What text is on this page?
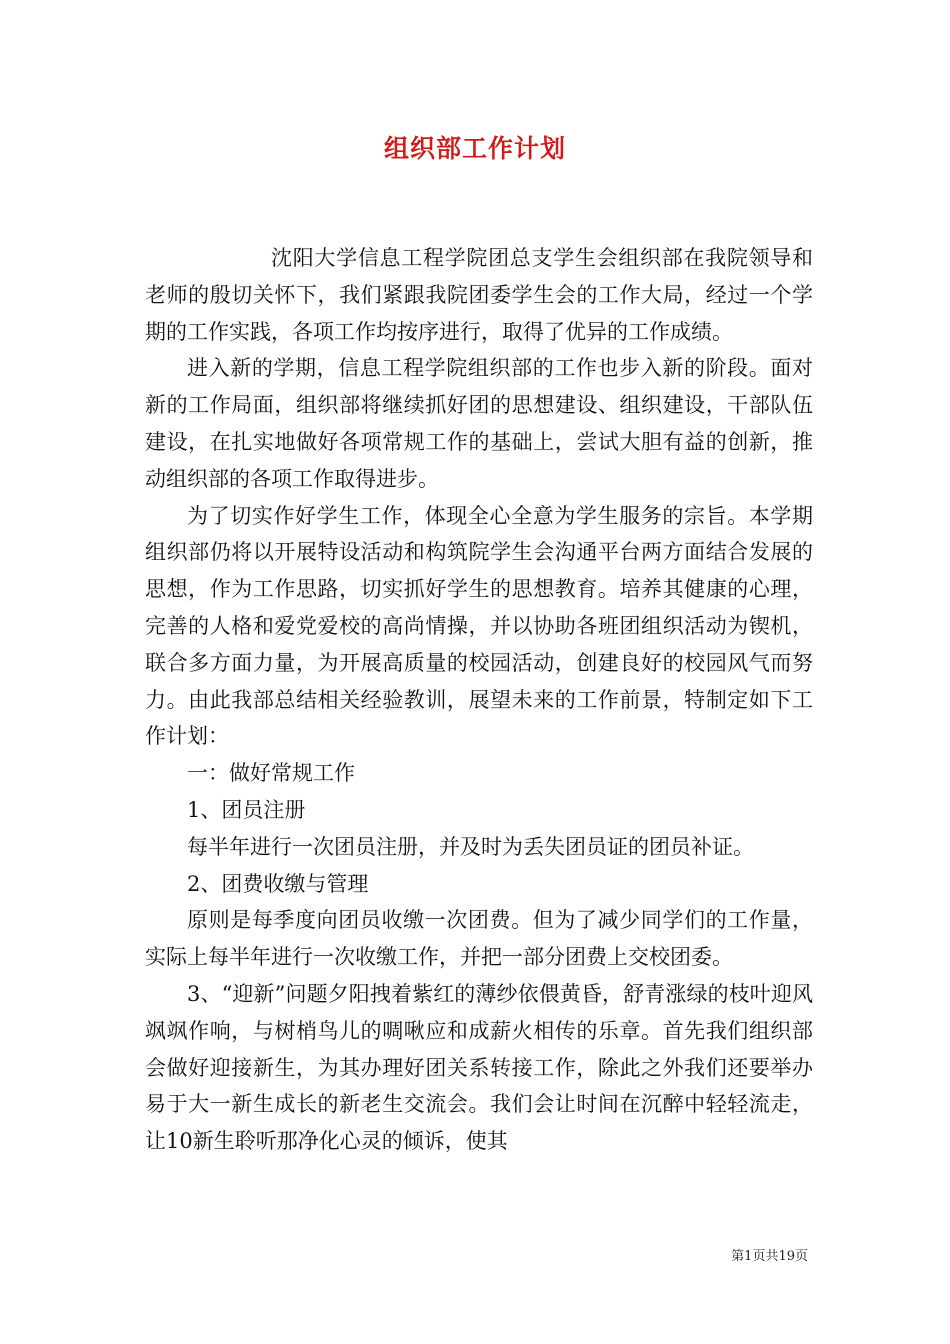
组织部工作计划

沈阳大学信息工程学院团总支学生会组织部在我院领导和老师的殷切关怀下，我们紧跟我院团委学生会的工作大局，经过一个学期的工作实践，各项工作均按序进行，取得了优异的工作成绩。

进入新的学期，信息工程学院组织部的工作也步入新的阶段。面对新的工作局面，组织部将继续抓好团的思想建设、组织建设，干部队伍建设，在扎实地做好各项常规工作的基础上，尝试大胆有益的创新，推动组织部的各项工作取得进步。

为了切实作好学生工作，体现全心全意为学生服务的宗旨。本学期组织部仍将以开展特设活动和构筑院学生会沟通平台两方面结合发展的思想，作为工作思路，切实抓好学生的思想教育。培养其健康的心理，完善的人格和爱党爱校的高尚情操，并以协助各班团组织活动为锲机，联合多方面力量，为开展高质量的校园活动，创建良好的校园风气而努力。由此我部总结相关经验教训，展望未来的工作前景，特制定如下工作计划：

一：做好常规工作

1、团员注册

每半年进行一次团员注册，并及时为丢失团员证的团员补证。

2、团费收缴与管理

原则是每季度向团员收缴一次团费。但为了减少同学们的工作量，实际上每半年进行一次收缴工作，并把一部分团费上交校团委。

3、“迎新”问题夕阳拽着紫红的薄纱依偎黄昏，舒青涨绿的枝叶迎风飒飒作响，与树梢鸟儿的啁啾应和成薪火相传的乐章。首先我们组织部会做好迎接新生，为其办理好团关系转接工作，除此之外我们还要举办易于大一新生成长的新老生交流会。我们会让时间在沉醉中轻轻流走，让10新生聆听那净化心灵的倾诉，使其

第1页共19页
